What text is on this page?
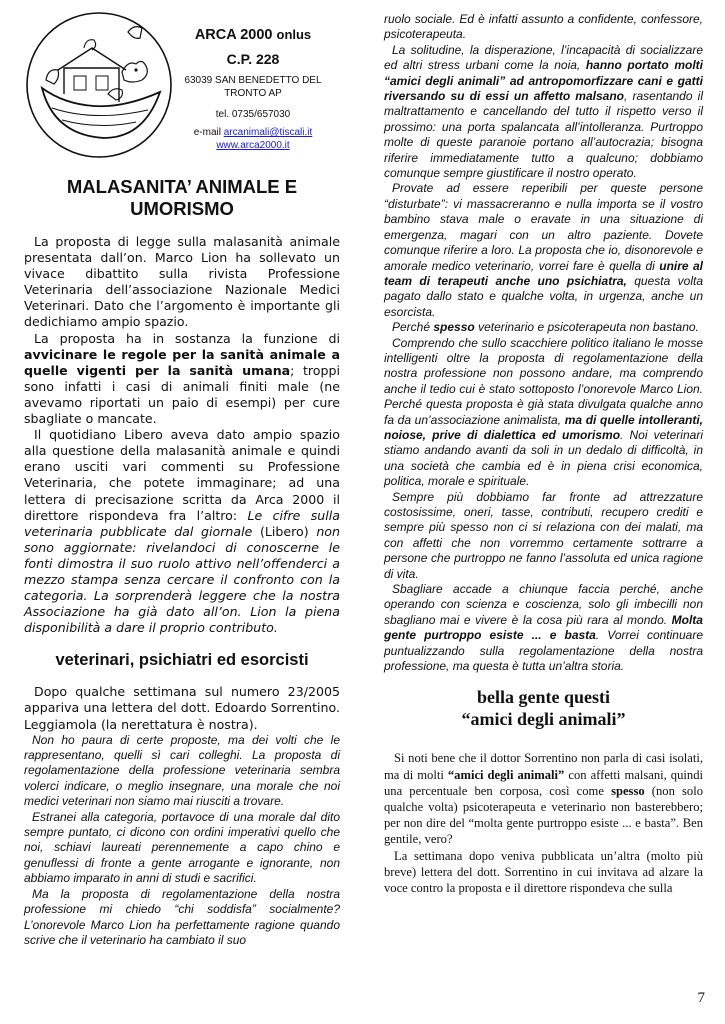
ARCA 2000 onlus
C.P. 228
63039 SAN BENEDETTO DEL
TRONTO AP
tel. 0735/657030
e-mail arcanimali@tiscali.it
www.arca2000.it
MALASANITA’ ANIMALE E
UMORISMO

La proposta di legge sulla malasanità animale presentata dall’on. Marco Lion ha sollevato un vivace dibattito sulla rivista Professione Veterinaria dell’associazione Nazionale Medici Veterinari. Dato che l’argomento è importante gli dedichiamo ampio spazio.

La proposta ha in sostanza la funzione di avvicinare le regole per la sanità animale a quelle vigenti per la sanità umana; troppi sono infatti i casi di animali finiti male (ne avevamo riportati un paio di esempi) per cure sbagliate o mancate.

Il quotidiano Libero aveva dato ampio spazio alla questione della malasanità animale e quindi erano usciti vari commenti su Professione Veterinaria, che potete immaginare; ad una lettera di precisazione scritta da Arca 2000 il direttore rispondeva fra l’altro: Le cifre sulla veterinaria pubblicate dal giornale (Libero) non sono aggiornate: rivelandoci di conoscerne le fonti dimostra il suo ruolo attivo nell’offenderci a mezzo stampa senza cercare il confronto con la categoria. La sorprenderà leggere che la nostra Associazione ha già dato all’on. Lion la piena disponibilità a dare il proprio contributo.

veterinari, psichiatri ed esorcisti

Dopo qualche settimana sul numero 23/2005 appariva una lettera del dott. Edoardo Sorrentino. Leggiamola (la nerettatura è nostra).

Non ho paura di certe proposte, ma dei volti che le rappresentano, quelli sì cari colleghi. La proposta di regolamentazione della professione veterinaria sembra volerci indicare, o meglio insegnare, una morale che noi medici veterinari non siamo mai riusciti a trovare.

Estranei alla categoria, portavoce di una morale dal dito sempre puntato, ci dicono con ordini imperativi quello che noi, schiavi laureati perennemente a capo chino e genuflessi di fronte a gente arrogante e ignorante, non abbiamo imparato in anni di studi e sacrifici.

Ma la proposta di regolamentazione della nostra professione mi chiedo “chi soddisfa” socialmente? L’onorevole Marco Lion ha perfettamente ragione quando scrive che il veterinario ha cambiato il suo

ruolo sociale. Ed è infatti assunto a confidente, confessore, psicoterapeuta.

La solitudine, la disperazione, l’incapacità di socializzare ed altri stress urbani come la noia, hanno portato molti “amici degli animali” ad antropomorfizzare cani e gatti riversando su di essi un affetto malsano, rasentando il maltrattamento e cancellando del tutto il rispetto verso il prossimo: una porta spalancata all’intolleranza. Purtroppo molte di queste paranoie portano all’autocrazia; bisogna riferire immediatamente tutto a qualcuno; dobbiamo comunque sempre giustificare il nostro operato.

Provate ad essere reperibili per queste persone “disturbate”: vi massacreranno e nulla importa se il vostro bambino stava male o eravate in una situazione di emergenza, magari con un altro paziente. Dovete comunque riferire a loro. La proposta che io, disonorevole e amorale medico veterinario, vorrei fare è quella di unire al team di terapeuti anche uno psichiatra, questa volta pagato dallo stato e qualche volta, in urgenza, anche un esorcista.

Perché spesso veterinario e psicoterapeuta non bastano.

Comprendo che sullo scacchiere politico italiano le mosse intelligenti oltre la proposta di regolamentazione della nostra professione non possono andare, ma comprendo anche il tedio cui è stato sottoposto l’onorevole Marco Lion. Perché questa proposta è già stata divulgata qualche anno fa da un’associazione animalista, ma di quelle intolleranti, noiose, prive di dialettica ed umorismo. Noi veterinari stiamo andando avanti da soli in un dedalo di difficoltà, in una società che cambia ed è in piena crisi economica, politica, morale e spirituale.

Sempre più dobbiamo far fronte ad attrezzature costosissime, oneri, tasse, contributi, recupero crediti e sempre più spesso non ci si relaziona con dei malati, ma con affetti che non vorremmo certamente sottrarre a persone che purtroppo ne fanno l’assoluta ed unica ragione di vita.

Sbagliare accade a chiunque faccia perché, anche operando con scienza e coscienza, solo gli imbecilli non sbagliano mai e vivere è la cosa più rara al mondo. Molta gente purtroppo esiste ... e basta. Vorrei continuare puntualizzando sulla regolamentazione della nostra professione, ma questa è tutta un’altra storia.

bella gente questi
“amici degli animali”

Si noti bene che il dottor Sorrentino non parla di casi isolati, ma di molti “amici degli animali” con affetti malsani, quindi una percentuale ben corposa, così come spesso (non solo qualche volta) psicoterapeuta e veterinario non basterebbero; per non dire del “molta gente purtroppo esiste ... e basta”. Ben gentile, vero?

La settimana dopo veniva pubblicata un’altra (molto più breve) lettera del dott. Sorrentino in cui invitava ad alzare la voce contro la proposta e il direttore rispondeva che sulla

7
